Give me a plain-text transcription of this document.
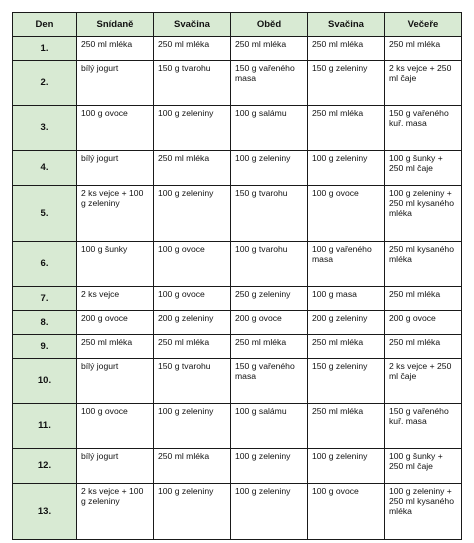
Den	Snídaně	Svačina	Oběd	Svačina	Večeře
1.	250 ml mléka	250 ml mléka	250 ml mléka	250 ml mléka	250 ml mléka
2.	bílý jogurt	150 g tvarohu	150 g vařeného masa	150 g zeleniny	2 ks vejce + 250 ml čaje
3.	100 g ovoce	100 g zeleniny	100 g salámu	250 ml mléka	150 g vařeného kuř. masa
4.	bílý jogurt	250 ml mléka	100 g zeleniny	100 g zeleniny	100 g šunky + 250 ml čaje
5.	2 ks vejce + 100 g zeleniny	100 g zeleniny	150 g tvarohu	100 g ovoce	100 g zeleniny + 250 ml kysaného mléka
6.	100 g šunky	100 g ovoce	100 g tvarohu	100 g vařeného masa	250 ml kysaného mléka
7.	2 ks vejce	100 g ovoce	250 g zeleniny	100 g masa	250 ml mléka
8.	200 g ovoce	200 g zeleniny	200 g ovoce	200 g zeleniny	200 g ovoce
9.	250 ml mléka	250 ml mléka	250 ml mléka	250 ml mléka	250 ml mléka
10.	bílý jogurt	150 g tvarohu	150 g vařeného masa	150 g zeleniny	2 ks vejce + 250 ml čaje
11.	100 g ovoce	100 g zeleniny	100 g salámu	250 ml mléka	150 g vařeného kuř. masa
12.	bílý jogurt	250 ml mléka	100 g zeleniny	100 g zeleniny	100 g šunky + 250 ml čaje
13.	2 ks vejce + 100 g zeleniny	100 g zeleniny	100 g zeleniny	100 g ovoce	100 g zeleniny + 250 ml kysaného mléka
